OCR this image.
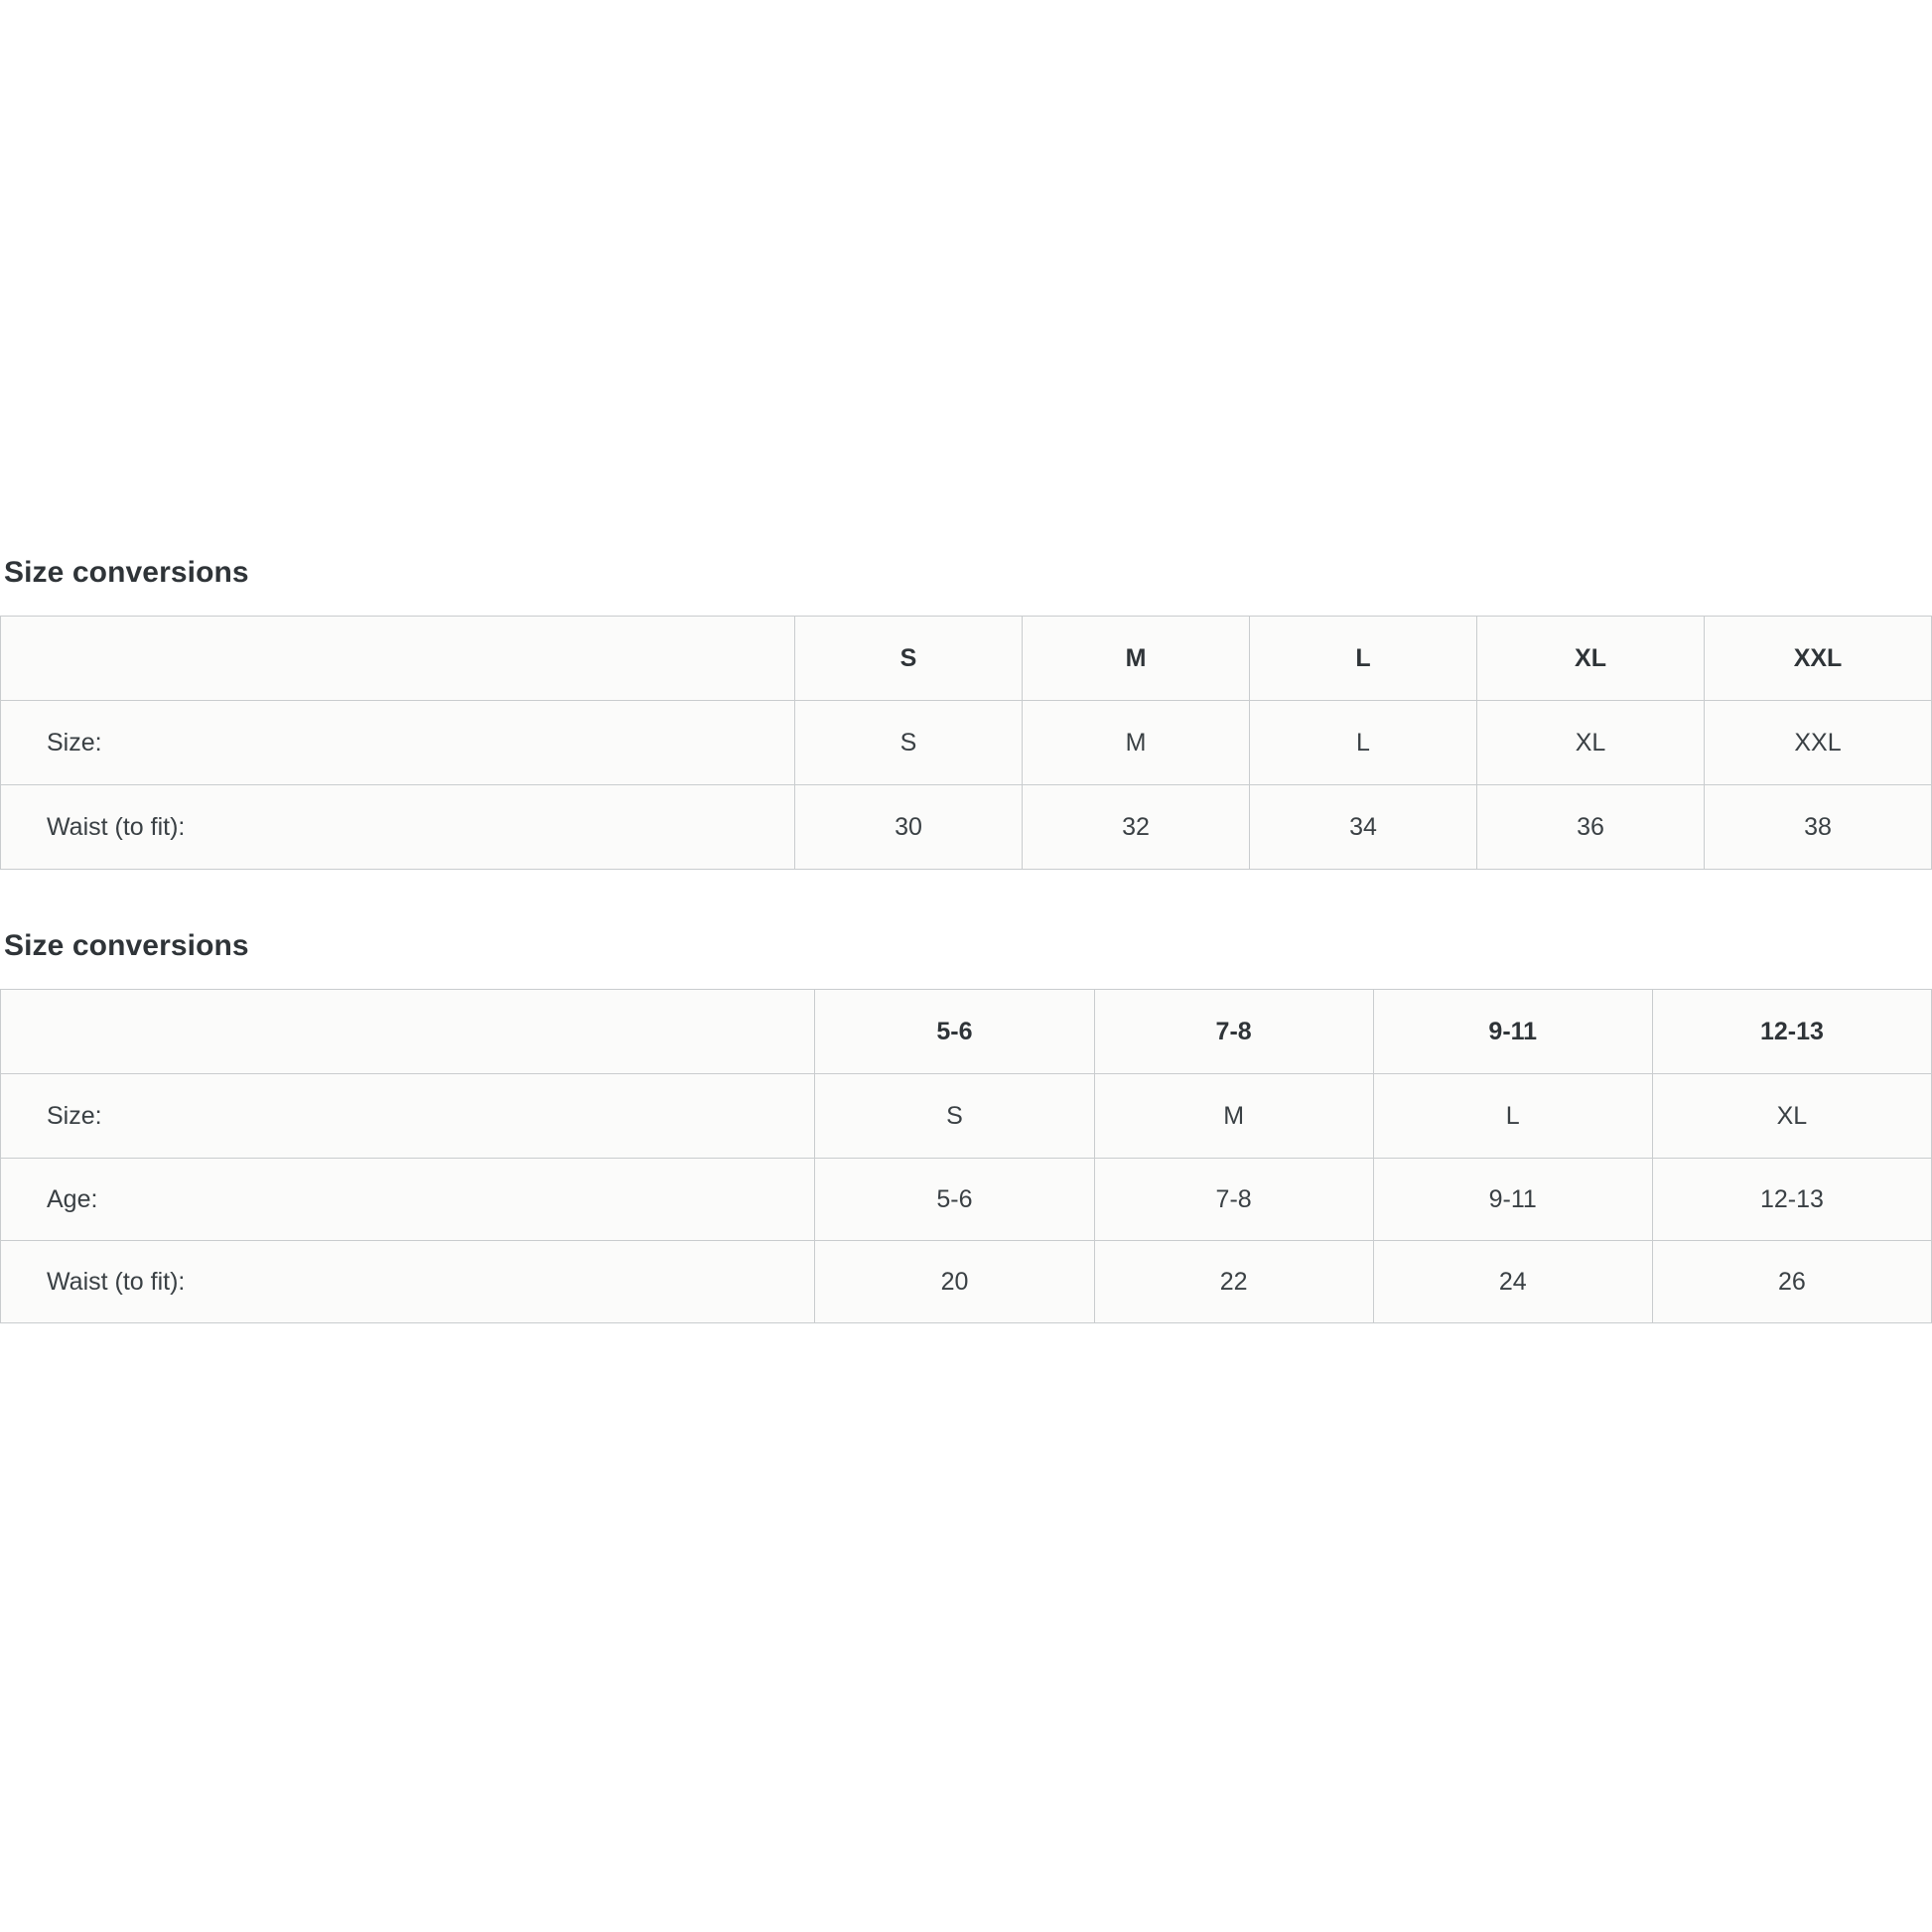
Size conversions
	S	M	L	XL	XXL
Size:	S	M	L	XL	XXL
Waist (to fit):	30	32	34	36	38
Size conversions
	5-6	7-8	9-11	12-13
Size:	S	M	L	XL
Age:	5-6	7-8	9-11	12-13
Waist (to fit):	20	22	24	26
